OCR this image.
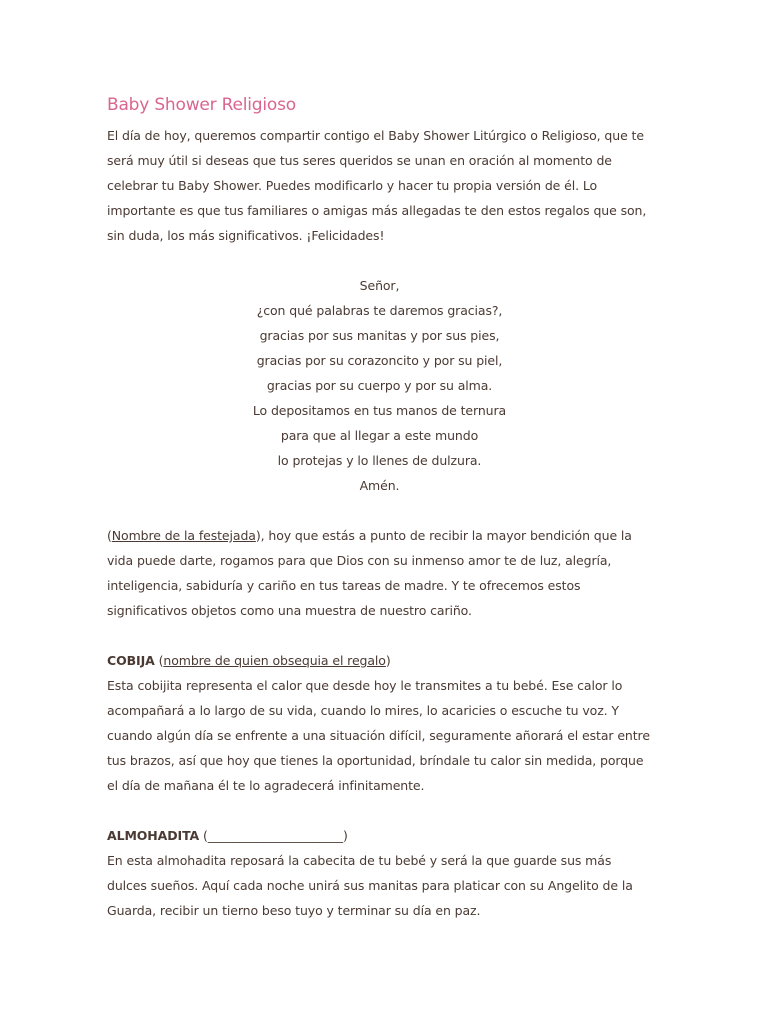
Baby Shower Religioso

El día de hoy, queremos compartir contigo el Baby Shower Litúrgico o Religioso, que te será muy útil si deseas que tus seres queridos se unan en oración al momento de celebrar tu Baby Shower. Puedes modificarlo y hacer tu propia versión de él. Lo importante es que tus familiares o amigas más allegadas te den estos regalos que son, sin duda, los más significativos. ¡Felicidades!

Señor,
¿con qué palabras te daremos gracias?,
gracias por sus manitas y por sus pies,
gracias por su corazoncito y por su piel,
gracias por su cuerpo y por su alma.
Lo depositamos en tus manos de ternura
para que al llegar a este mundo
lo protejas y lo llenes de dulzura.
Amén.

(Nombre de la festejada), hoy que estás a punto de recibir la mayor bendición que la vida puede darte, rogamos para que Dios con su inmenso amor te de luz, alegría, inteligencia, sabiduría y cariño en tus tareas de madre. Y te ofrecemos estos significativos objetos como una muestra de nuestro cariño.

COBIJA (nombre de quien obsequia el regalo)

Esta cobijita representa el calor que desde hoy le transmites a tu bebé. Ese calor lo acompañará a lo largo de su vida, cuando lo mires, lo acaricies o escuche tu voz. Y cuando algún día se enfrente a una situación difícil, seguramente añorará el estar entre tus brazos, así que hoy que tienes la oportunidad, bríndale tu calor sin medida, porque el día de mañana él te lo agradecerá infinitamente.

ALMOHADITA (______________________)

En esta almohadita reposará la cabecita de tu bebé y será la que guarde sus más dulces sueños. Aquí cada noche unirá sus manitas para platicar con su Angelito de la Guarda, recibir un tierno beso tuyo y terminar su día en paz.
